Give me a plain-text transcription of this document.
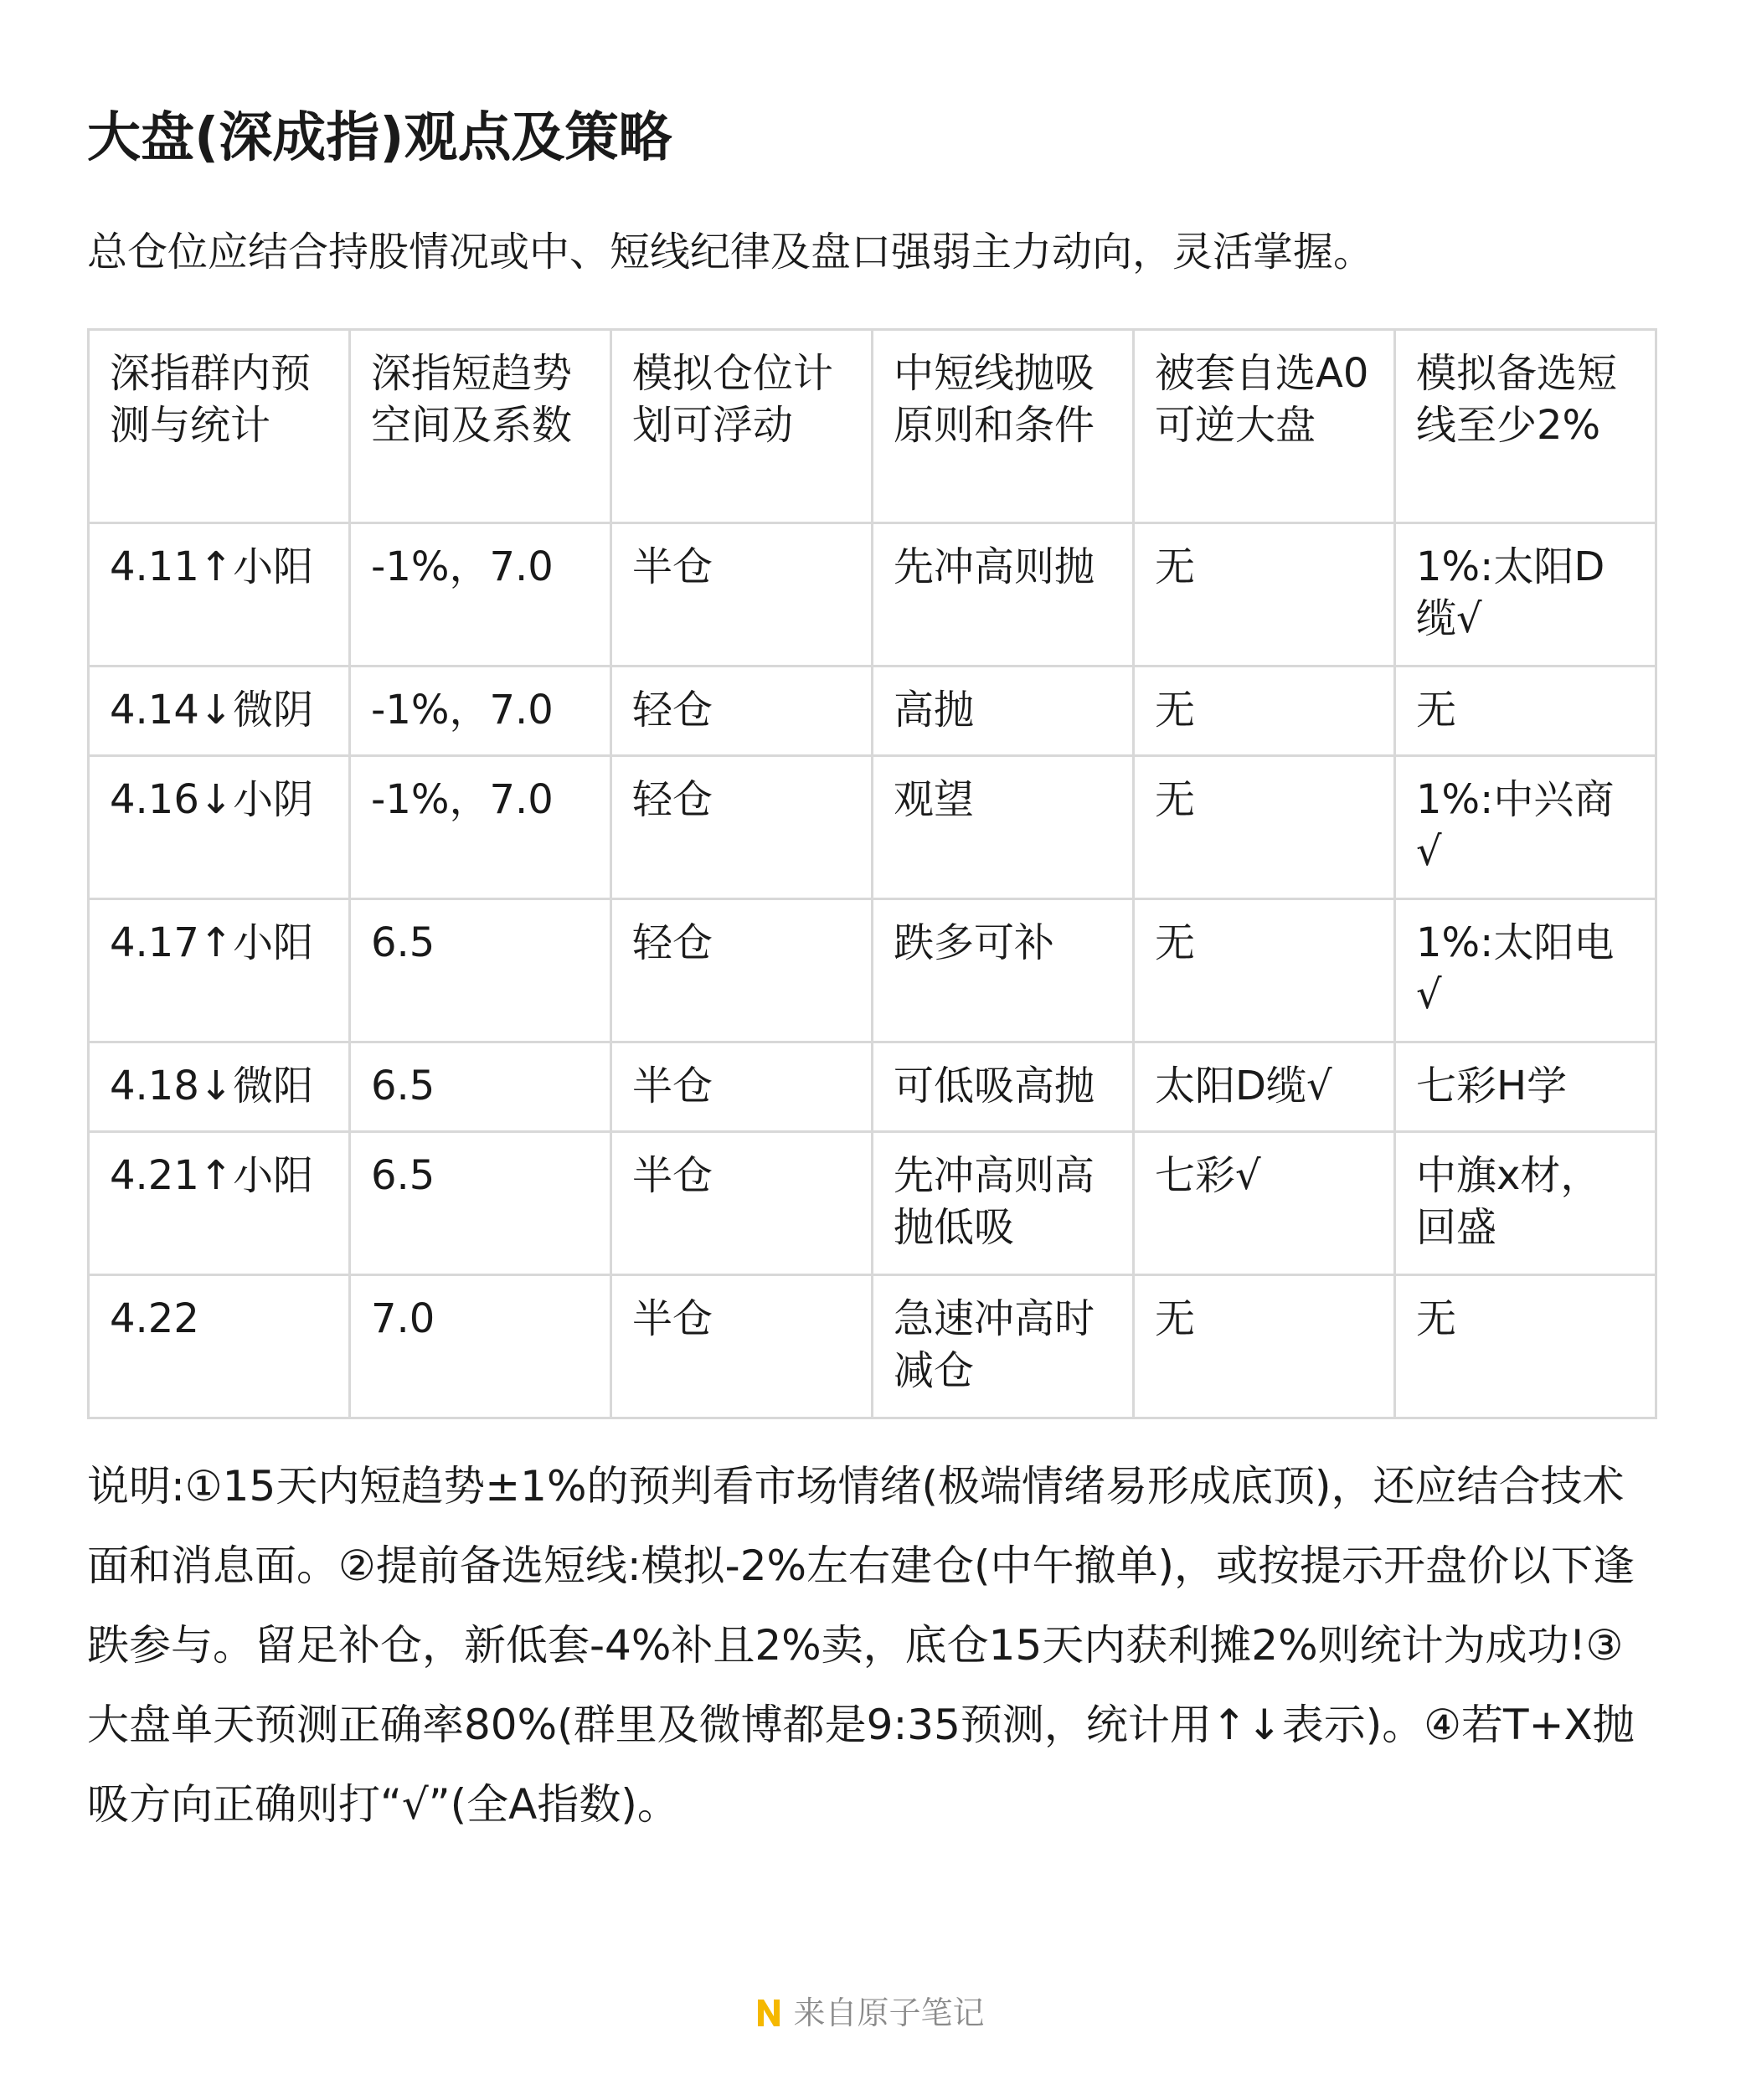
大盘(深成指)观点及策略
总仓位应结合持股情况或中、短线纪律及盘口强弱主力动向，灵活掌握。
深指群内预测与统计	深指短趋势空间及系数	模拟仓位计划可浮动	中短线抛吸原则和条件	被套自选A0可逆大盘	模拟备选短线至少2%
4.11↑小阳	-1%，7.0	半仓	先冲高则抛	无	1%:太阳D缆√
4.14↓微阴	-1%，7.0	轻仓	高抛	无	无
4.16↓小阴	-1%，7.0	轻仓	观望	无	1%:中兴商√
4.17↑小阳	6.5	轻仓	跌多可补	无	1%:太阳电√
4.18↓微阳	6.5	半仓	可低吸高抛	太阳D缆√	七彩H学
4.21↑小阳	6.5	半仓	先冲高则高抛低吸	七彩√	中旗x材，回盛
4.22	7.0	半仓	急速冲高时减仓	无	无
说明:①15天内短趋势±1%的预判看市场情绪(极端情绪易形成底顶)，还应结合技术面和消息面。②提前备选短线:模拟-2%左右建仓(中午撤单)，或按提示开盘价以下逢跌参与。留足补仓，新低套-4%补且2%卖，底仓15天内获利摊2%则统计为成功!③大盘单天预测正确率80%(群里及微博都是9:35预测，统计用↑↓表示)。④若T+X抛吸方向正确则打“√”(全A指数)。
来自原子笔记
